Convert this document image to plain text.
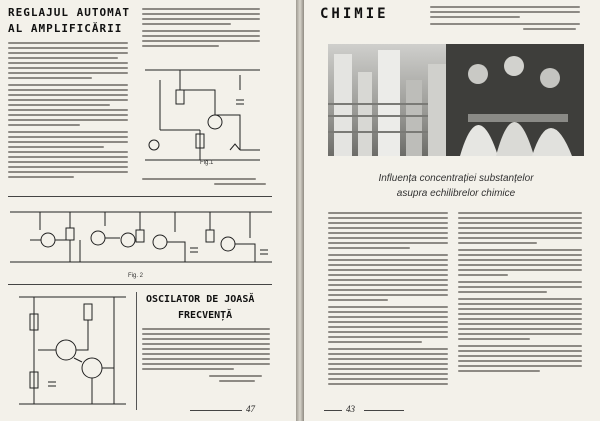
REGLAJUL AUTOMAT
AL AMPLIFICĂRII
Fig.1
Fig. 2
OSCILATOR DE JOASĂ
FRECVENȚĂ
47
CHIMIE
Influența concentrației substanțelor
asupra echilibrelor chimice
43
